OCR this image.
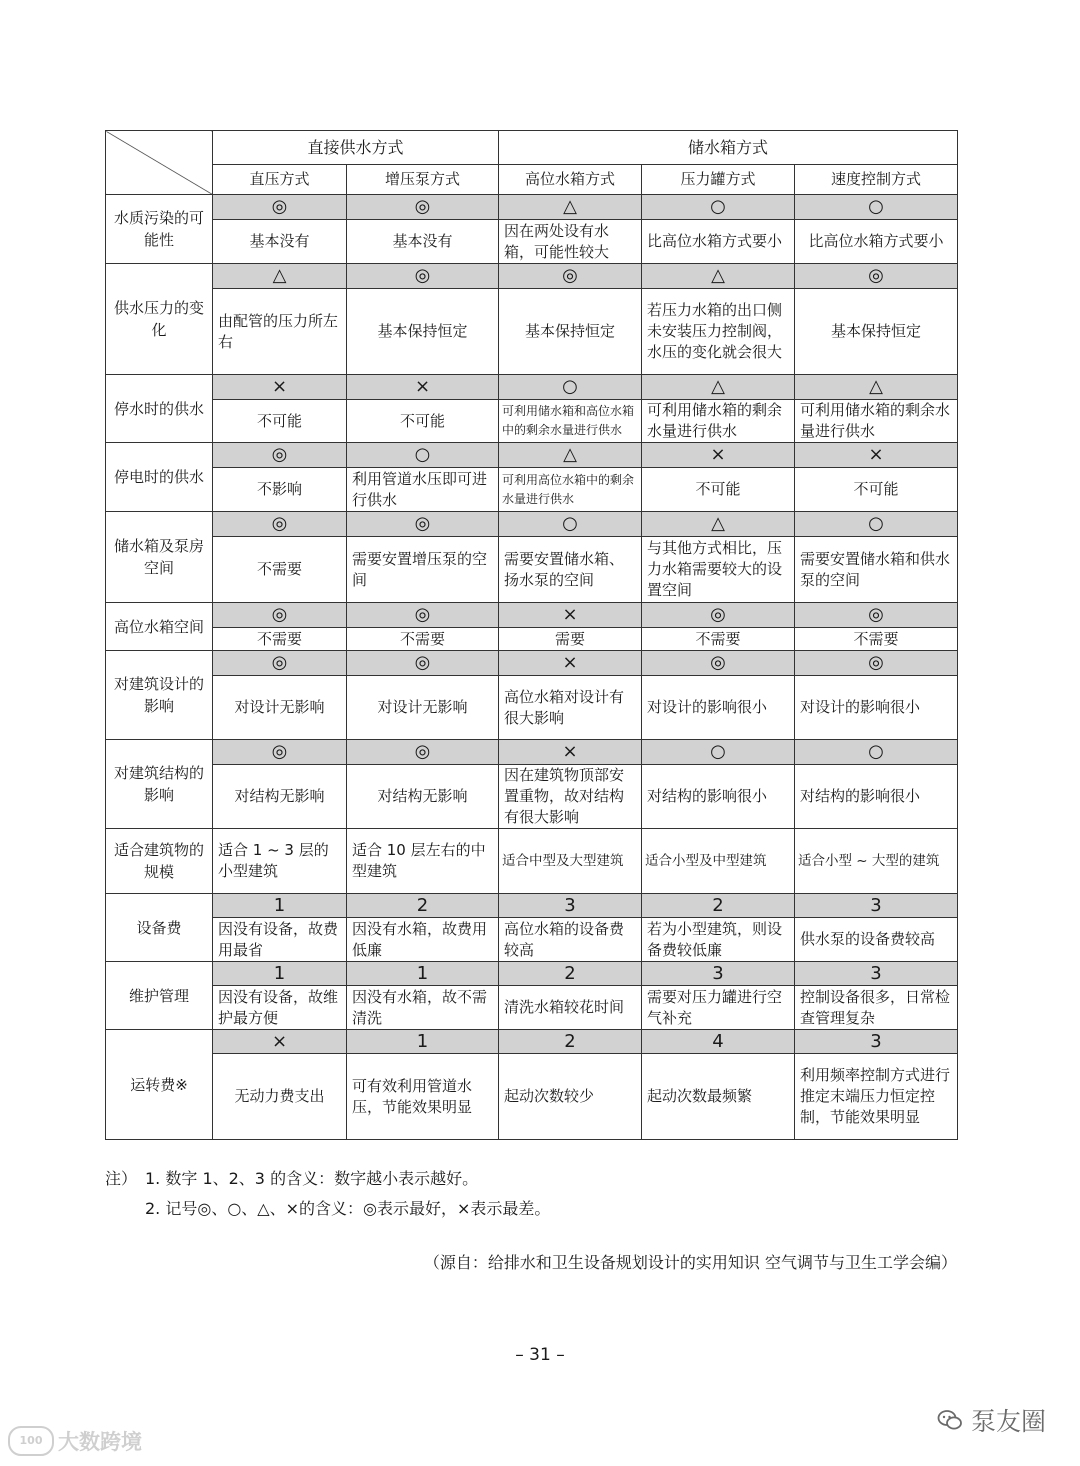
	直接供水方式		储水箱方式		
	直压方式	增压泵方式	高位水箱方式	压力罐方式	速度控制方式
水质污染的可能性	◎	◎	△	○	○
	基本没有	基本没有	因在两处设有水箱，可能性较大	比高位水箱方式要小	比高位水箱方式要小
供水压力的变化	△	◎	◎	△	◎
	由配管的压力所左右	基本保持恒定	基本保持恒定	若压力水箱的出口侧未安装压力控制阀，水压的变化就会很大	基本保持恒定
停水时的供水	×	×	○	△	△
	不可能	不可能	可利用储水箱和高位水箱中的剩余水量进行供水	可利用储水箱的剩余水量进行供水	可利用储水箱的剩余水量进行供水
停电时的供水	◎	○	△	×	×
	不影响	利用管道水压即可进行供水	可利用高位水箱中的剩余水量进行供水	不可能	不可能
储水箱及泵房空间	◎	◎	○	△	○
	不需要	需要安置增压泵的空间	需要安置储水箱、扬水泵的空间	与其他方式相比，压力水箱需要较大的设置空间	需要安置储水箱和供水泵的空间
高位水箱空间	◎	◎	×	◎	◎
	不需要	不需要	需要	不需要	不需要
对建筑设计的影响	◎	◎	×	◎	◎
	对设计无影响	对设计无影响	高位水箱对设计有很大影响	对设计的影响很小	对设计的影响很小
对建筑结构的影响	◎	◎	×	○	○
	对结构无影响	对结构无影响	因在建筑物顶部安置重物，故对结构有很大影响	对结构的影响很小	对结构的影响很小
适合建筑物的规模	适合 1 ~ 3 层的小型建筑	适合 10 层左右的中型建筑	适合中型及大型建筑	适合小型及中型建筑	适合小型 ~ 大型的建筑
设备费	1	2	3	2	3
	因没有设备，故费用最省	因没有水箱，故费用低廉	高位水箱的设备费较高	若为小型建筑，则设备费较低廉	供水泵的设备费较高
维护管理	1	1	2	3	3
	因没有设备，故维护最方便	因没有水箱，故不需清洗	清洗水箱较花时间	需要对压力罐进行空气补充	控制设备很多，日常检查管理复杂
运转费※	×	1	2	4	3
	无动力费支出	可有效利用管道水压，节能效果明显	起动次数较少	起动次数最频繁	利用频率控制方式进行推定末端压力恒定控制，节能效果明显
注） 1. 数字 1、2、3 的含义：数字越小表示越好。
2. 记号◎、○、△、×的含义：◎表示最好，×表示最差。
（源自：给排水和卫生设备规划设计的实用知识 空气调节与卫生工学会编）
– 31 –
100 大数跨境
泵友圈
